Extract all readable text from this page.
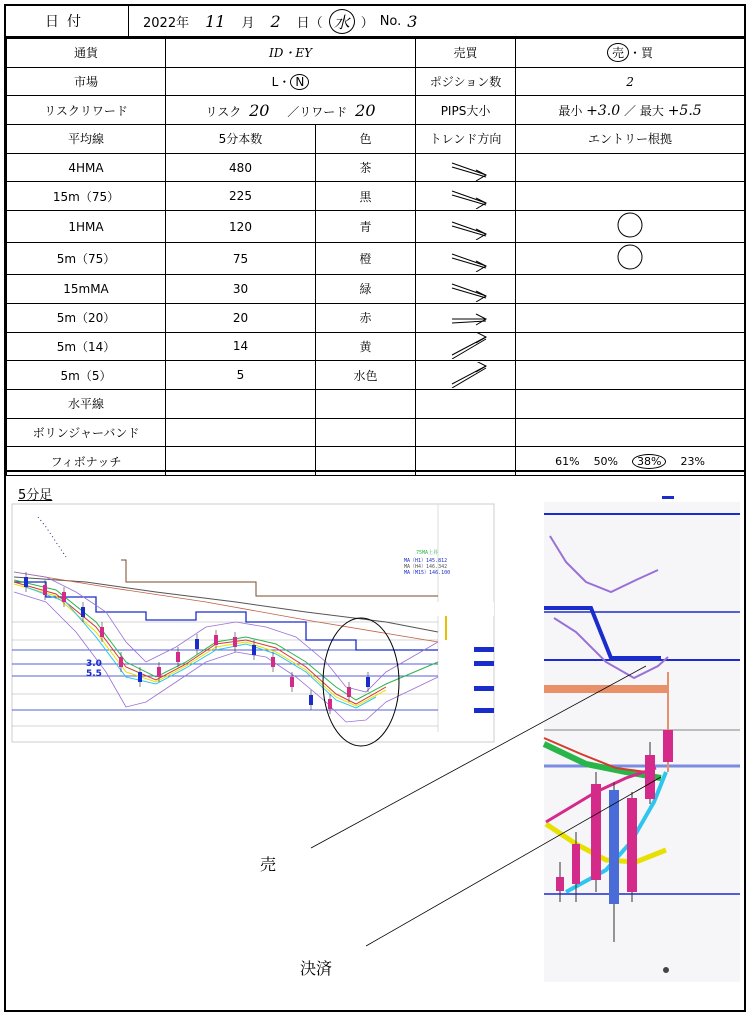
日付	2022年 11 月 2 日（ 水 ） No. 3
通貨	ID・EY		売買	売 ・買
市場	L・ N		ポジション数	2
リスクリワード	リスク 20 ／リワード 20		PIPS大小	最小 +3.0 ／ 最大 +5.5
平均線	5分本数	色	トレンド方向	エントリー根拠
4HMA	480	茶	

15m（75）	225	黒	

1HMA	120	青	

5m（75）	75	橙	

15mMA	30	緑	

5m（20）	20	赤	

5m（14）	14	黄	

5m（5）	5	水色	

水平線				
ボリンジャーバンド				
フィボナッチ				61% 50% 38% 23%
5分足
3.0
5.5
75MA上昇
MA（H1）145.812
MA（H4）146.342
MA（M15）146.100
売
決済
